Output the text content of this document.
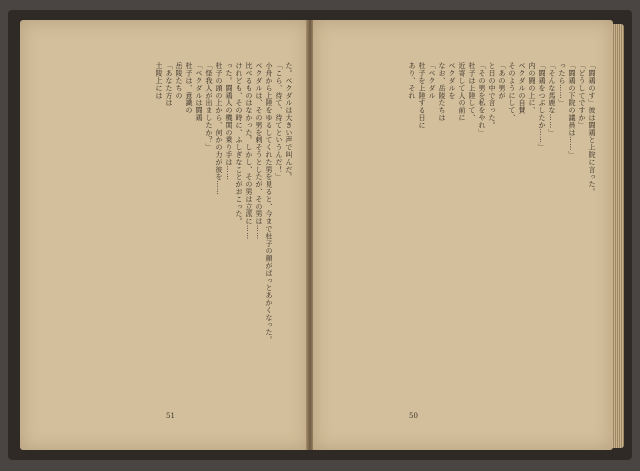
た。ベクダルは大きい声で叫んだ。
「こら、待て、待てというんだ！」
小舟から上陸をゆるしてくれた男を見ると、今まで杜子の顔がぱっとあかくなった。
ベクダルは、その男を刺そうとしたが、その男は……
比べるものはなかった。しかし、その男は立派に……
けれども、その時に、ふしぎなことがおこった。
った。闘鶏人の機関の乗り手は……
杜子の頭の上から、何かの力が彼を……
「怪我人が出ましたか？」
「ベクダルは闘鶏
杜子は、意識の
岳陵たちの
「あなた方は
土陵上には
51
「闘鶏のす」彼は闘鶏と上院に言った。
「どうしてですか」
「闘鶏の下院の議員は……」
ったら……」
「そんな馬鹿な……」
「闘鶏をつぶしたか……」
内の闘の上に、
ベクダルの自賛
そのようにして、
「あの男が
と日の中で言った。
「その男を私をやれ」
杜子は上陸して、
近寄して人の前に
ベクダルを
なお、岳陵たちは
「ベクダル
杜子を上陸する日に
あり、それ
50
